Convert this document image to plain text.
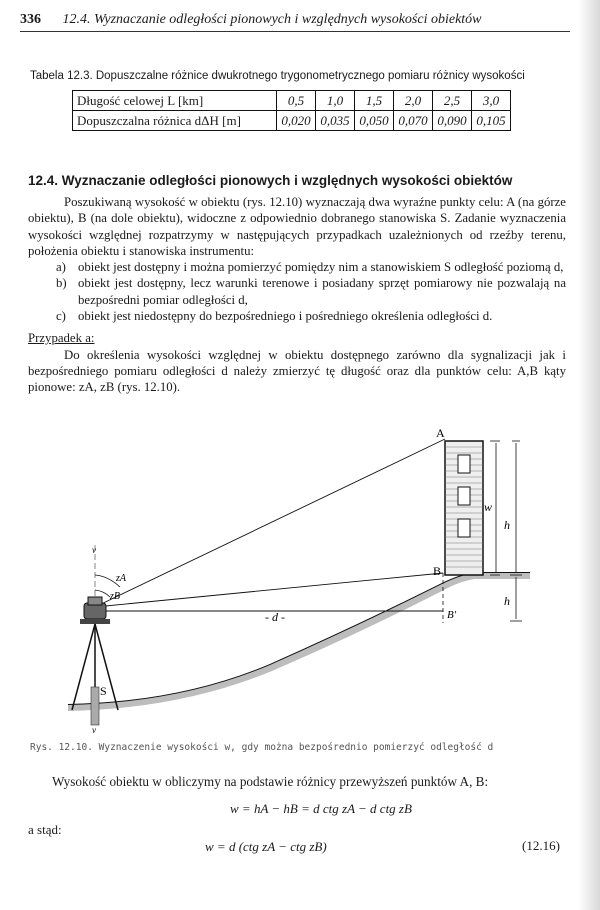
336 12.4. Wyznaczanie odległości pionowych i względnych wysokości obiektów
Tabela 12.3. Dopuszczalne różnice dwukrotnego trygonometrycznego pomiaru różnicy wysokości
Długość celowej L [km]	0,5	1,0	1,5	2,0	2,5	3,0
Dopuszczalna różnica dΔH [m]	0,020	0,035	0,050	0,070	0,090	0,105
12.4. Wyznaczanie odległości pionowych i względnych wysokości obiektów

Poszukiwaną wysokość w obiektu (rys. 12.10) wyznaczają dwa wyraźne punkty celu: A (na górze obiektu), B (na dole obiektu), widoczne z odpowiednio dobranego stanowiska S. Zadanie wyznaczenia wysokości względnej rozpatrzymy w następujących przypadkach uzależnionych od rzeźby terenu, położenia obiektu i stanowiska instrumentu:

a) obiekt jest dostępny i można pomierzyć pomiędzy nim a stanowiskiem S odległość poziomą d,
b) obiekt jest dostępny, lecz warunki terenowe i posiadany sprzęt pomiarowy nie pozwalają na bezpośredni pomiar odległości d,
c) obiekt jest niedostępny do bezpośredniego i pośredniego określenia odległości d.

Przypadek a:

Do określenia wysokości względnej w obiektu dostępnego zarówno dla sygnalizacji jak i bezpośredniego pomiaru odległości d należy zmierzyć tę długość oraz dla punktów celu: A,B kąty pionowe: zA, zB (rys. 12.10).

A
B
B'
w
h
h
- d -
S
v
v
zA
zB
Rys. 12.10. Wyznaczenie wysokości w, gdy można bezpośrednio pomierzyć odległość d
Wysokość obiektu w obliczymy na podstawie różnicy przewyższeń punktów A, B:
w = hA − hB = d ctg zA − d ctg zB
a stąd:
w = d (ctg zA − ctg zB)	(12.16)
